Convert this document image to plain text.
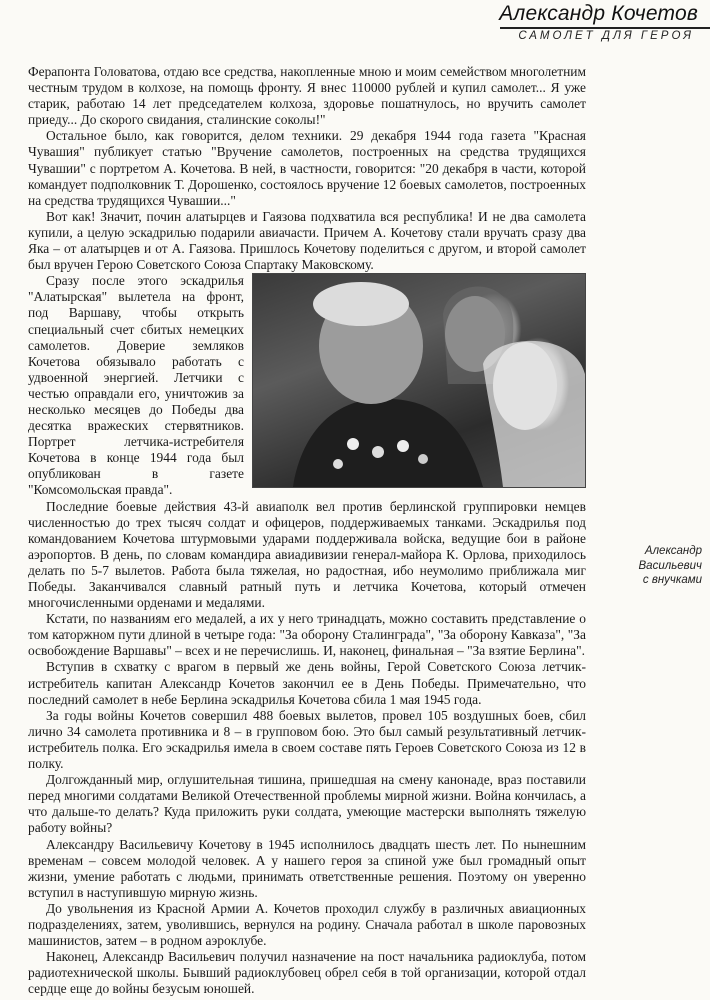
Александр Кочетов
САМОЛЕТ ДЛЯ ГЕРОЯ

Ферапонта Головатова, отдаю все средства, накопленные мною и моим семейством многолетним честным трудом в колхозе, на помощь фронту. Я внес 110000 рублей и купил самолет... Я уже старик, работаю 14 лет председателем колхоза, здоровье пошатнулось, но вручить самолет приеду... До скорого свидания, сталинские соколы!"

Остальное было, как говорится, делом техники. 29 декабря 1944 года газета "Красная Чувашия" публикует статью "Вручение самолетов, построенных на средства трудящихся Чувашии" с портретом А. Кочетова. В ней, в частности, говорится: "20 декабря в части, которой командует подполковник Т. Дорошенко, состоялось вручение 12 боевых самолетов, построенных на средства трудящихся Чувашии..."

Вот как! Значит, почин алатырцев и Гаязова подхватила вся республика! И не два самолета купили, а целую эскадрилью подарили авиачасти. Причем А. Кочетову стали вручать сразу два Яка – от алатырцев и от А. Гаязова. Пришлось Кочетову поделиться с другом, и второй самолет был вручен Герою Советского Союза Спартаку Маковскому.

Сразу после этого эскадрилья "Алатырская" вылетела на фронт, под Варшаву, чтобы открыть специальный счет сбитых немецких самолетов. Доверие земляков Кочетова обязывало работать с удвоенной энергией. Летчики с честью оправдали его, уничтожив за несколько месяцев до Победы два десятка вражеских стервятников. Портрет летчика-истребителя Кочетова в конце 1944 года был опубликован в газете "Комсомольская правда".

Последние боевые действия 43-й авиаполк вел против берлинской группировки немцев численностью до трех тысяч солдат и офицеров, поддерживаемых танками. Эскадрилья под командованием Кочетова штурмовыми ударами поддерживала войска, ведущие бои в районе аэропортов. В день, по словам командира авиадивизии генерал-майора К. Орлова, приходилось делать по 5-7 вылетов. Работа была тяжелая, но радостная, ибо неумолимо приближала миг Победы. Заканчивался славный ратный путь и летчика Кочетова, который отмечен многочисленными орденами и медалями.

Кстати, по названиям его медалей, а их у него тринадцать, можно составить представление о том каторжном пути длиной в четыре года: "За оборону Сталинграда", "За оборону Кавказа", "За освобождение Варшавы" – всех и не перечислишь. И, наконец, финальная – "За взятие Берлина".

Вступив в схватку с врагом в первый же день войны, Герой Советского Союза летчик-истребитель капитан Александр Кочетов закончил ее в День Победы. Примечательно, что последний самолет в небе Берлина эскадрилья Кочетова сбила 1 мая 1945 года.

За годы войны Кочетов совершил 488 боевых вылетов, провел 105 воздушных боев, сбил лично 34 самолета противника и 8 – в групповом бою. Это был самый результативный летчик-истребитель полка. Его эскадрилья имела в своем составе пять Героев Советского Союза из 12 в полку.

Долгожданный мир, оглушительная тишина, пришедшая на смену канонаде, враз поставили перед многими солдатами Великой Отечественной проблемы мирной жизни. Война кончилась, а что дальше-то делать? Куда приложить руки солдата, умеющие мастерски выполнять тяжелую работу войны?

Александру Васильевичу Кочетову в 1945 исполнилось двадцать шесть лет. По нынешним временам – совсем молодой человек. А у нашего героя за спиной уже был громадный опыт жизни, умение работать с людьми, принимать ответственные решения. Поэтому он уверенно вступил в наступившую мирную жизнь.

До увольнения из Красной Армии А. Кочетов проходил службу в различных авиационных подразделениях, затем, уволившись, вернулся на родину. Сначала работал в школе паровозных машинистов, затем – в родном аэроклубе.

Наконец, Александр Васильевич получил назначение на пост начальника радиоклуба, потом радиотехнической школы. Бывший радиоклубовец обрел себя в той организации, которой отдал сердце еще до войны безусым юношей.

Александр
Васильевич
с внучками
